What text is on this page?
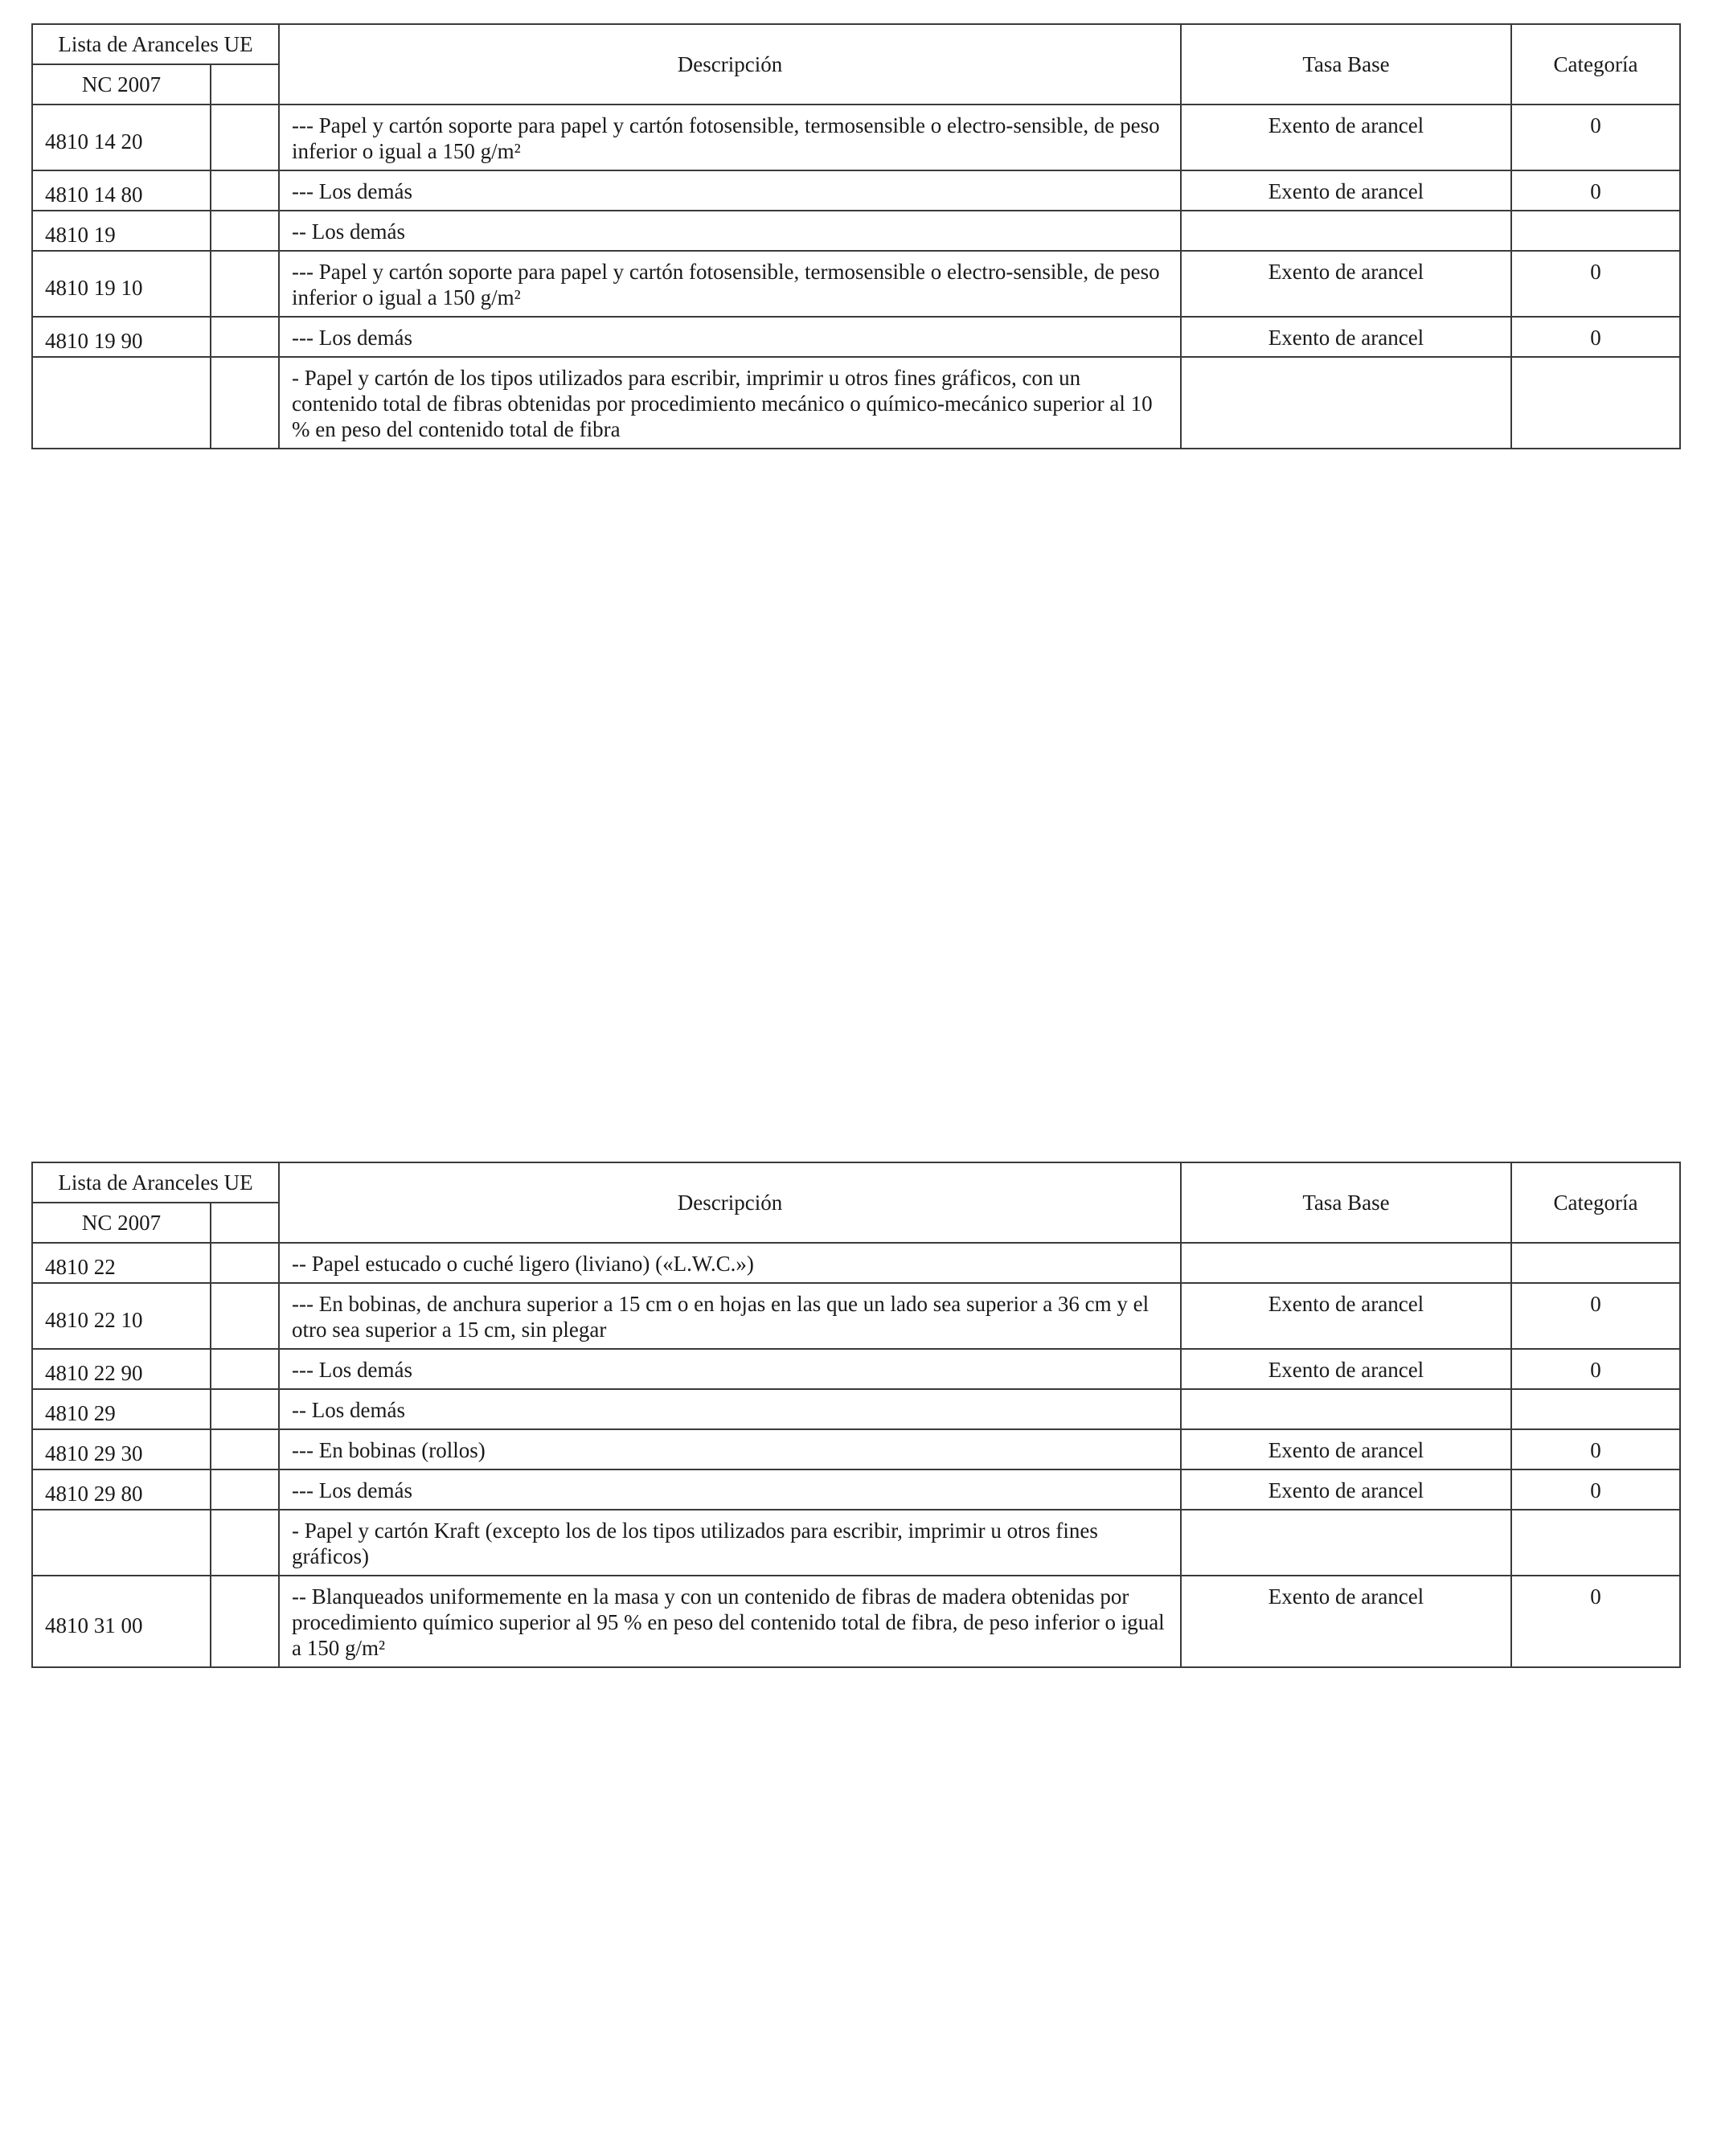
Lista de Aranceles UE		Descripción	Tasa Base	Categoría
NC 2007				
4810 14 20		--- Papel y cartón soporte para papel y cartón fotosensible, termosensible o electro-sensible, de peso inferior o igual a 150 g/m²	Exento de arancel	0
4810 14 80		--- Los demás	Exento de arancel	0
4810 19		-- Los demás		
4810 19 10		--- Papel y cartón soporte para papel y cartón fotosensible, termosensible o electro-sensible, de peso inferior o igual a 150 g/m²	Exento de arancel	0
4810 19 90		--- Los demás	Exento de arancel	0
		- Papel y cartón de los tipos utilizados para escribir, imprimir u otros fines gráficos, con un contenido total de fibras obtenidas por procedimiento mecánico o químico-mecánico superior al 10 % en peso del contenido total de fibra		
Lista de Aranceles UE		Descripción	Tasa Base	Categoría
NC 2007				
4810 22		-- Papel estucado o cuché ligero (liviano) («L.W.C.»)		
4810 22 10		--- En bobinas, de anchura superior a 15 cm o en hojas en las que un lado sea superior a 36 cm y el otro sea superior a 15 cm, sin plegar	Exento de arancel	0
4810 22 90		--- Los demás	Exento de arancel	0
4810 29		-- Los demás		
4810 29 30		--- En bobinas (rollos)	Exento de arancel	0
4810 29 80		--- Los demás	Exento de arancel	0
		- Papel y cartón Kraft (excepto los de los tipos utilizados para escribir, imprimir u otros fines gráficos)		
4810 31 00		-- Blanqueados uniformemente en la masa y con un contenido de fibras de madera obtenidas por procedimiento químico superior al 95 % en peso del contenido total de fibra, de peso inferior o igual a 150 g/m²	Exento de arancel	0
